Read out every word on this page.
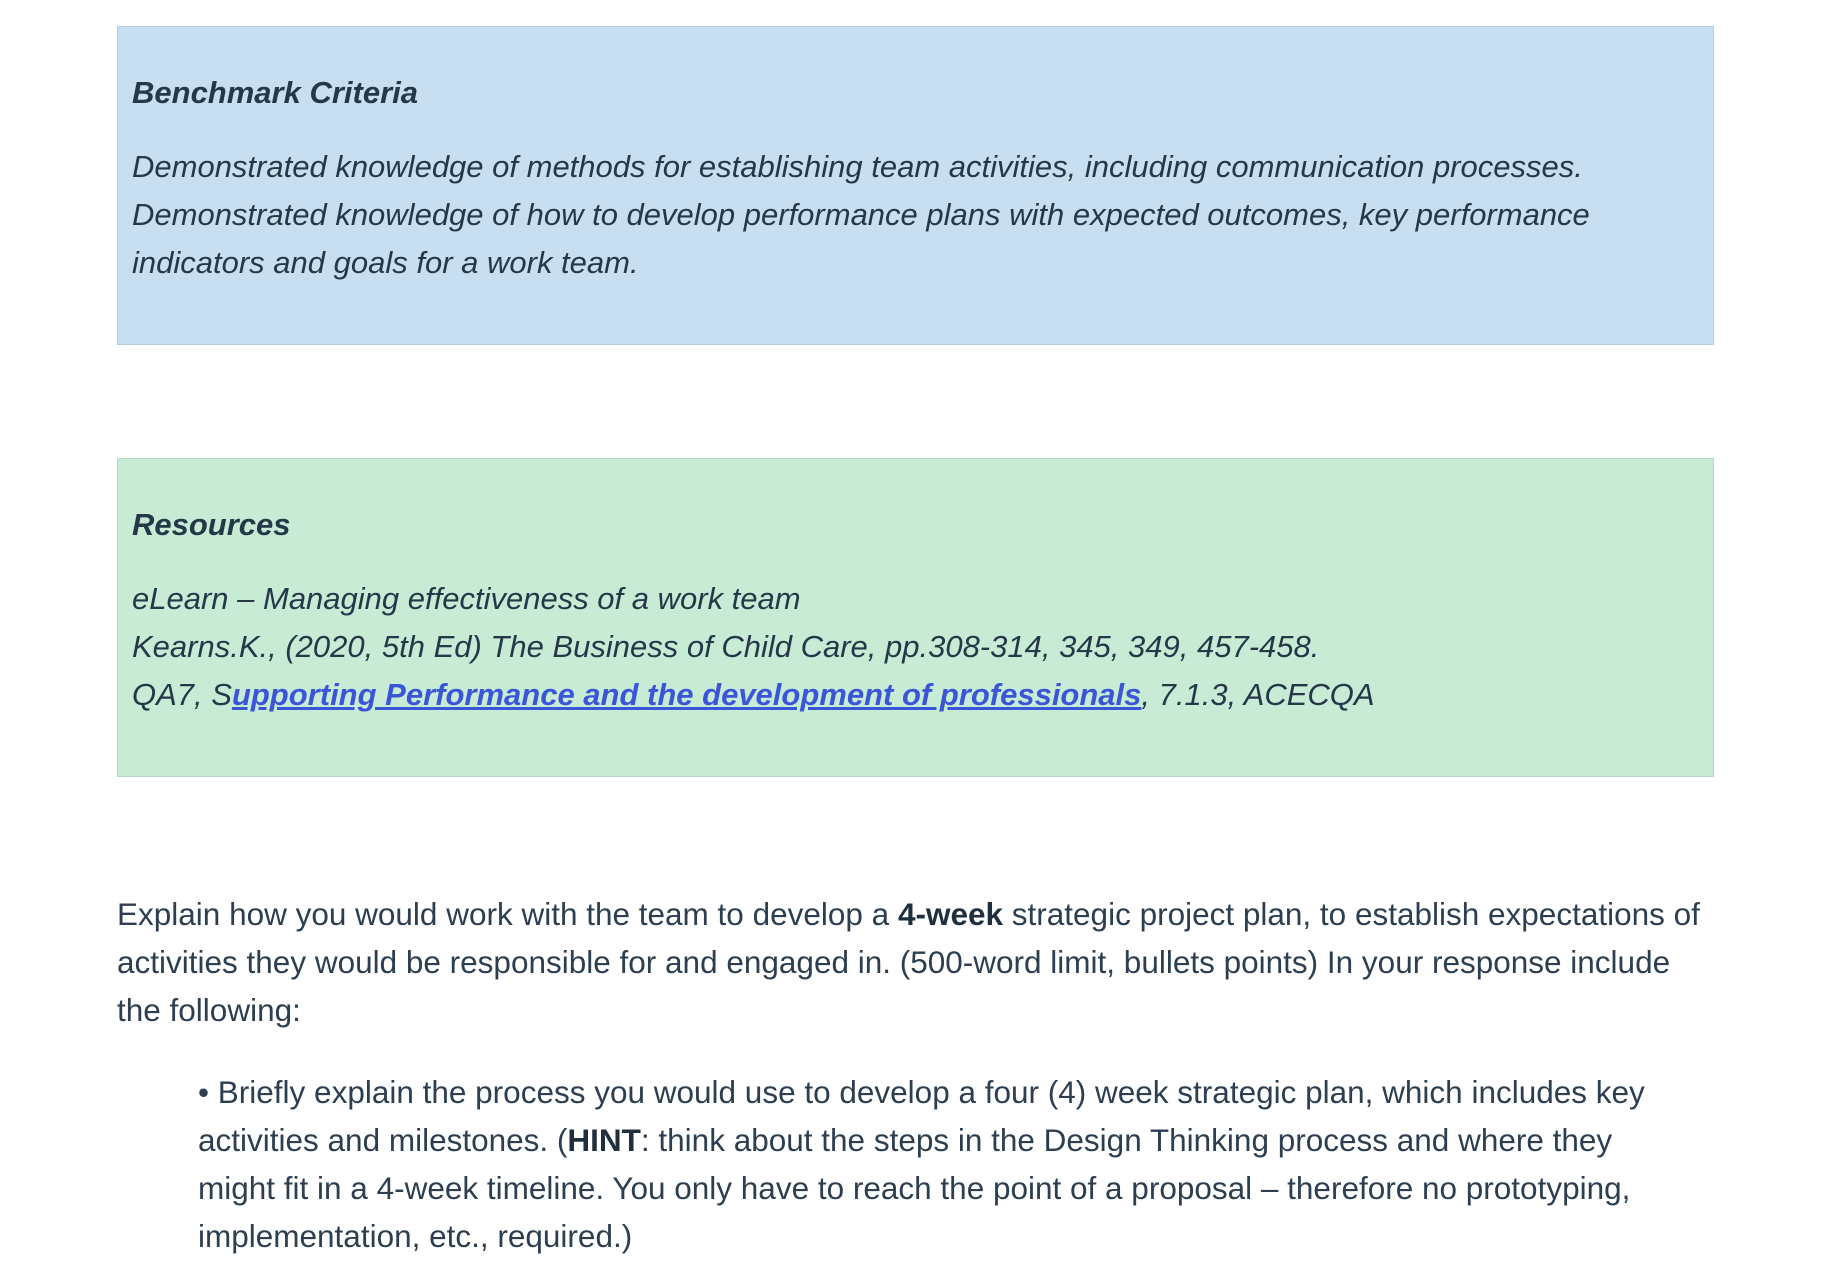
Benchmark Criteria

Demonstrated knowledge of methods for establishing team activities, including communication processes.

Demonstrated knowledge of how to develop performance plans with expected outcomes, key performance

indicators and goals for a work team.

Resources

eLearn – Managing effectiveness of a work team

Kearns.K., (2020, 5th Ed) The Business of Child Care, pp.308-314, 345, 349, 457-458.

QA7, Supporting Performance and the development of professionals, 7.1.3, ACECQA

Explain how you would work with the team to develop a 4-week strategic project plan, to establish expectations of activities they would be responsible for and engaged in. (500-word limit, bullets points) In your response include the following:

• Briefly explain the process you would use to develop a four (4) week strategic plan, which includes key activities and milestones. (HINT: think about the steps in the Design Thinking process and where they might fit in a 4-week timeline. You only have to reach the point of a proposal – therefore no prototyping, implementation, etc., required.)
